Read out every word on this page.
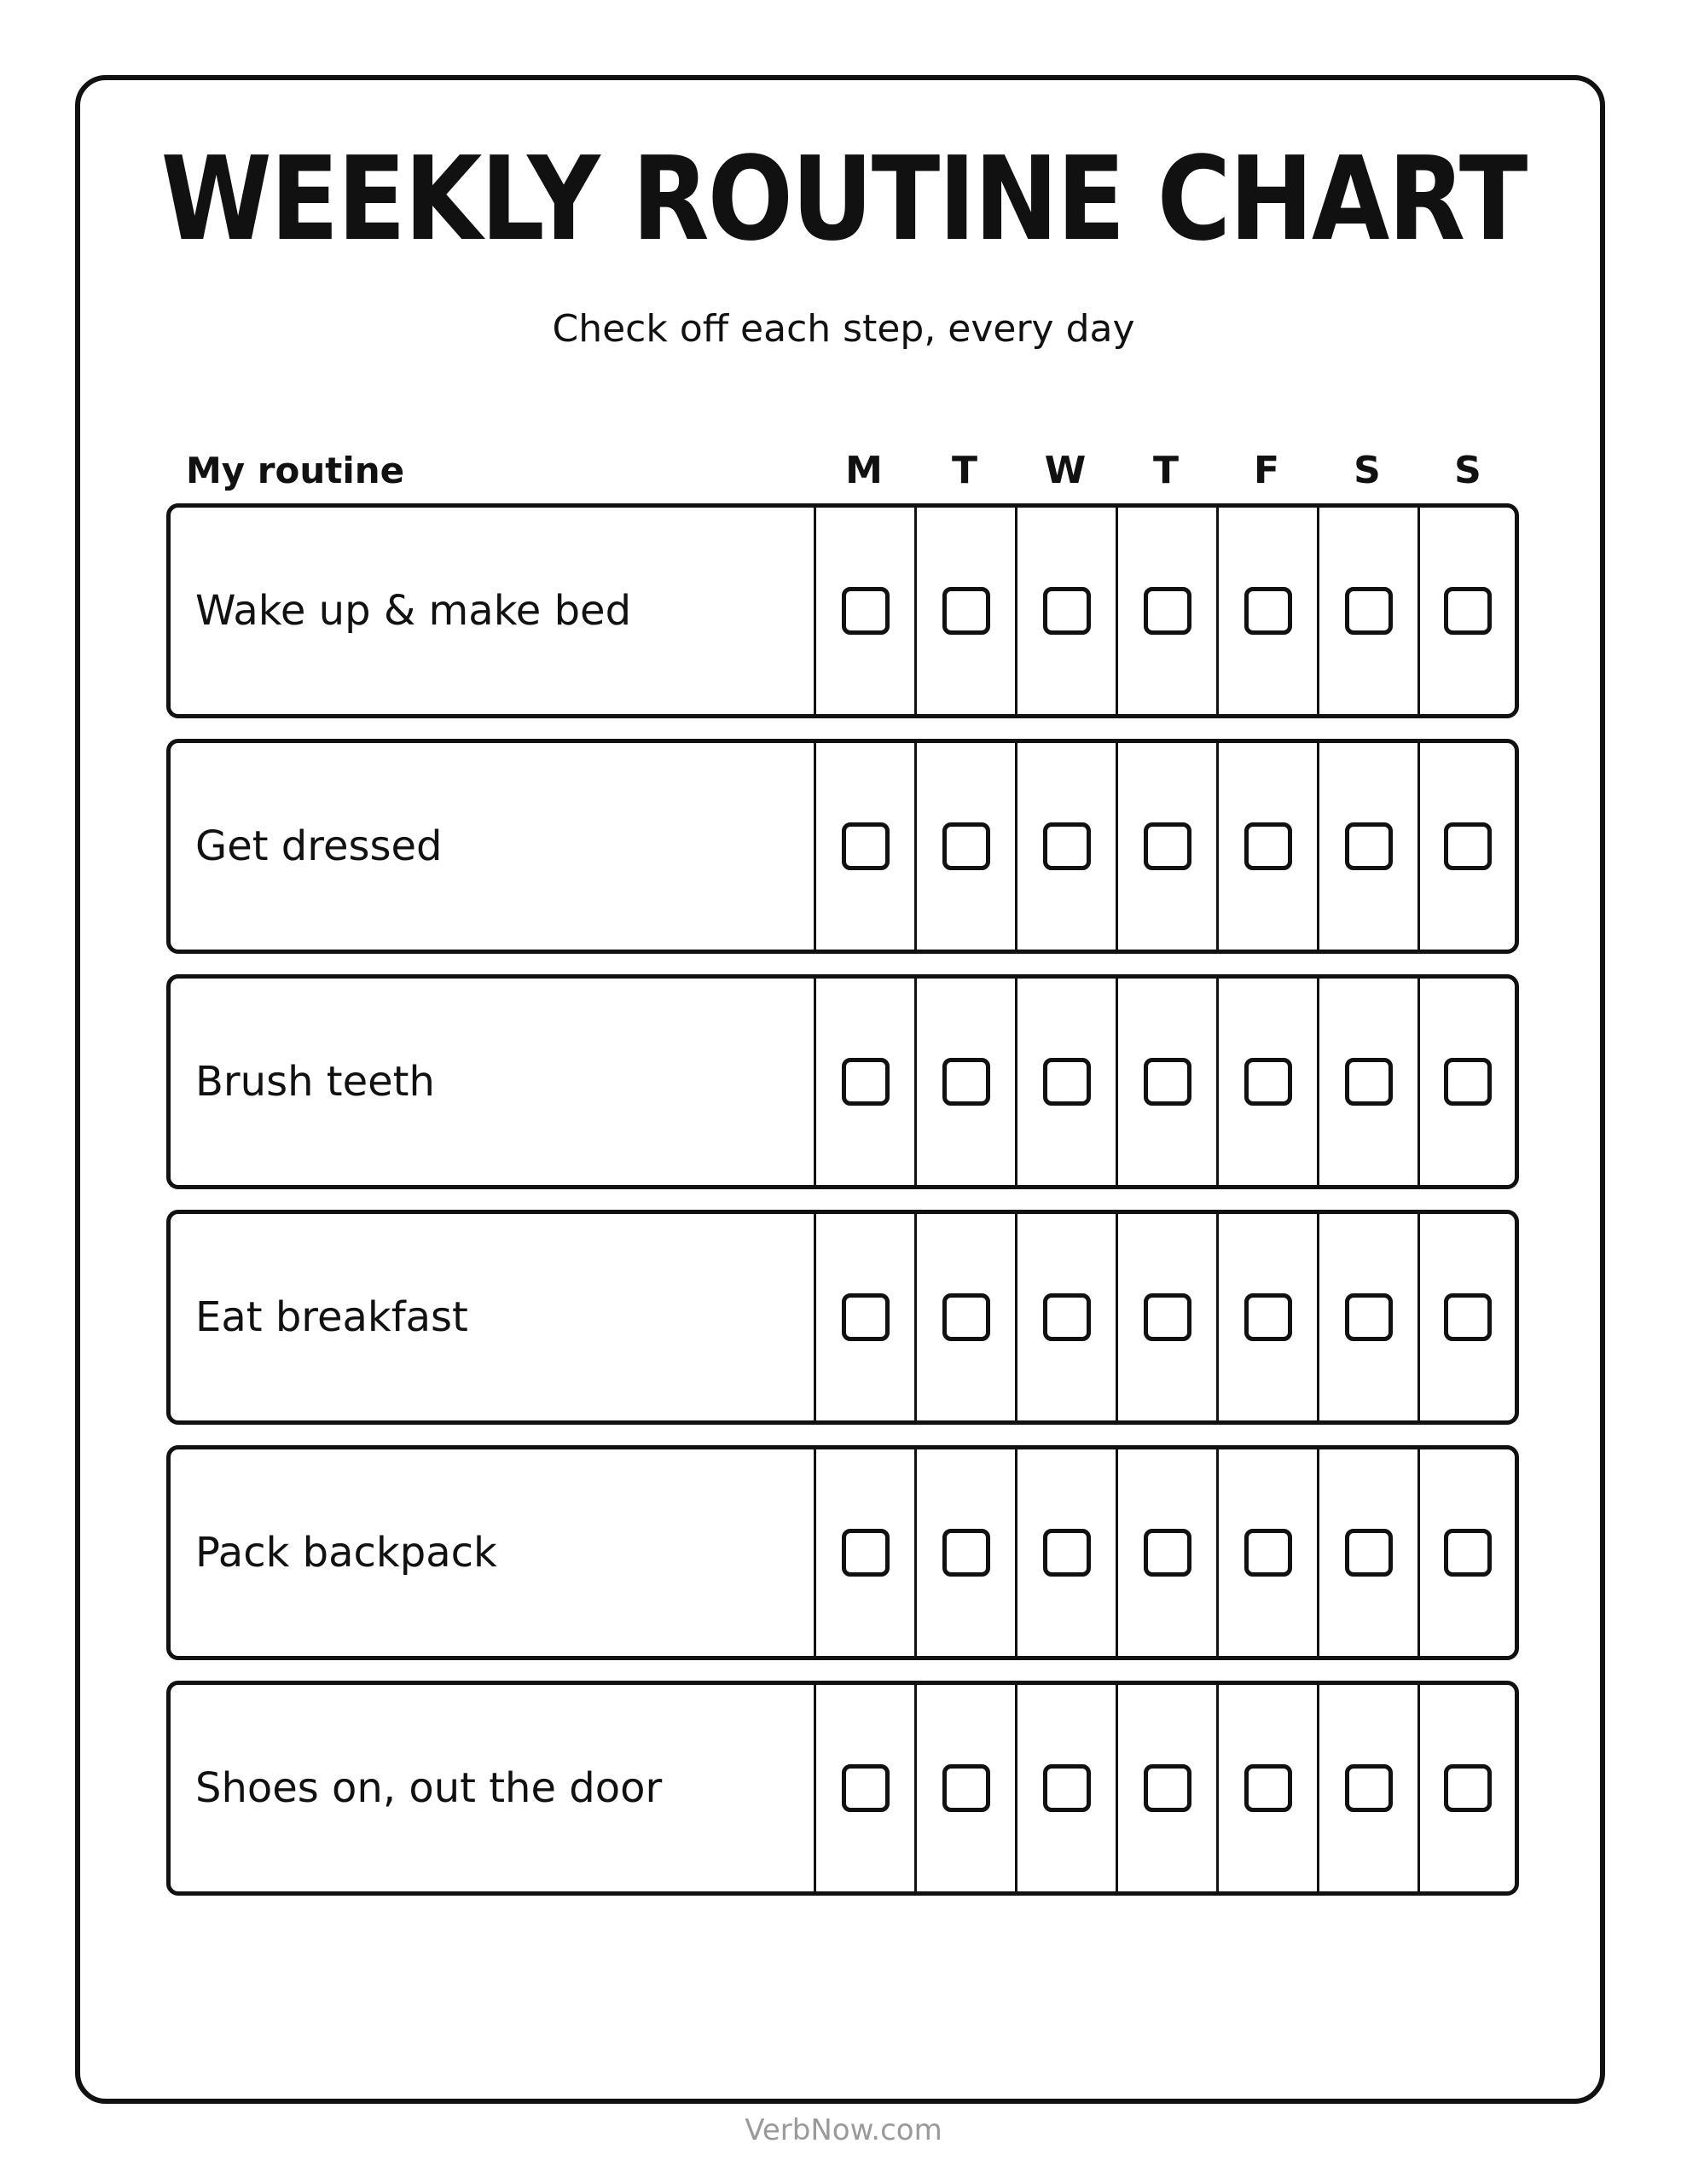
WEEKLY ROUTINE CHART
Check off each step, every day
My routine	M	T	W	T	F	S	S
Wake up & make bed
Get dressed
Brush teeth
Eat breakfast
Pack backpack
Shoes on, out the door
VerbNow.com
